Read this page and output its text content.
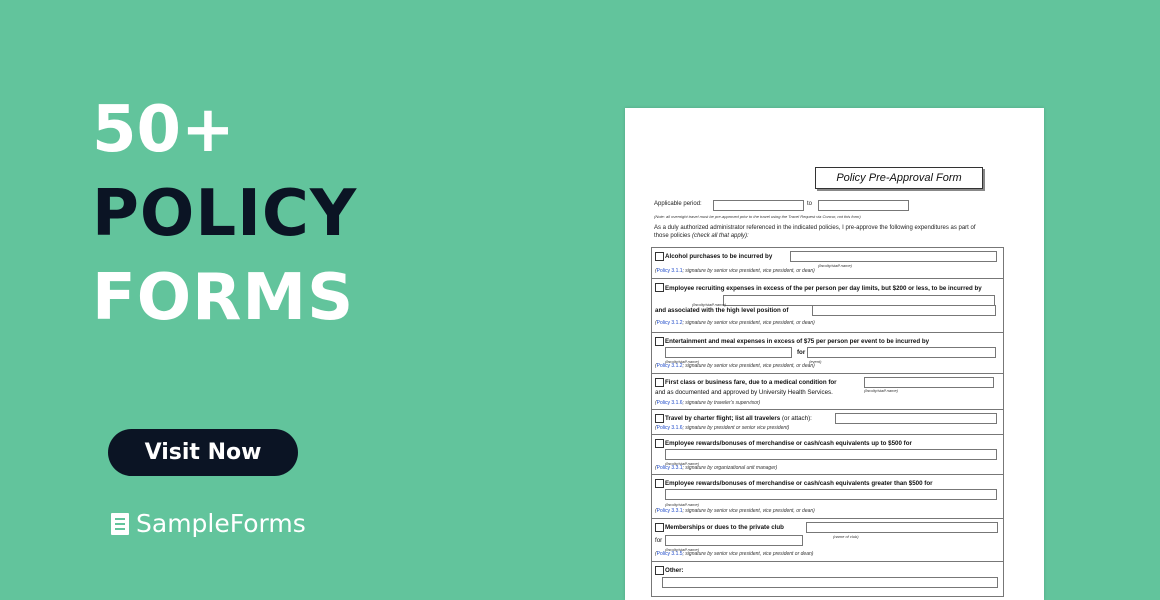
50+
POLICY
FORMS
Visit Now
SampleForms
Policy Pre-Approval Form
Applicable period:	to
(Note: all overnight travel must be pre-approved prior to the travel using the Travel Request via Concur, not this form)
As a duly authorized administrator referenced in the indicated policies, I pre-approve the following expenditures as part of those policies (check all that apply):
Alcohol purchases to be incurred by
(faculty/staff name)
(Policy 3.1.1; signature by senior vice president, vice president, or dean)
Employee recruiting expenses in excess of the per person per day limits, but $200 or less, to be incurred by
(faculty/staff name)
and associated with the high level position of
(Policy 3.1.2; signature by senior vice president, vice president, or dean)
Entertainment and meal expenses in excess of $75 per person per event to be incurred by
(faculty/staff name)
for
(event)
(Policy 3.1.2; signature by senior vice president, vice president, or dean)
First class or business fare, due to a medical condition for
(faculty/staff name)
and as documented and approved by University Health Services.
(Policy 3.1.6; signature by traveler's supervisor)
Travel by charter flight; list all travelers (or attach):
(Policy 3.1.6; signature by president or senior vice president)
Employee rewards/bonuses of merchandise or cash/cash equivalents up to $500 for
(faculty/staff name)
(Policy 3.3.1; signature by organizational unit manager)
Employee rewards/bonuses of merchandise or cash/cash equivalents greater than $500 for
(faculty/staff name)
(Policy 3.3.1; signature by senior vice president, vice president, or dean)
Memberships or dues to the private club
(name of club)
for
(faculty/staff name)
(Policy 3.1.5; signature by senior vice president, vice president or dean)
Other:
